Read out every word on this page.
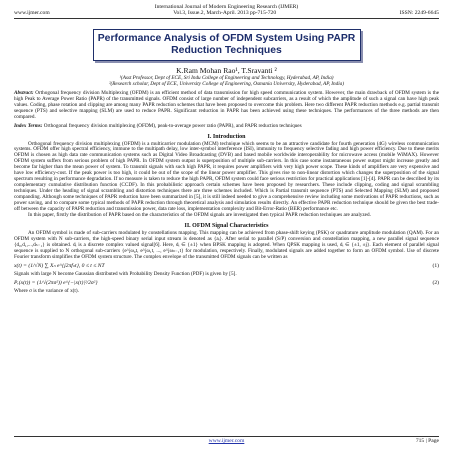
International Journal of Modern Engineering Research (IJMER)
www.ijmer.com	Vol.3, Issue.2, March-April. 2013 pp-715-720	ISSN: 2249-6645
Performance Analysis of OFDM System Using PAPR Reduction Techniques
K.Ram Mohan Rao¹, T.Sravanti ²
¹(Asst Professor, Dept of ECE, Sri Indu College of Engineering and Technology, Hyderabad, AP, India)
²(Research scholar, Dept of ECE, University College of Engineering, Osmania University, Hyderabad, AP, India)

Abstract: Orthogonal frequency division Multiplexing (OFDM) is an efficient method of data transmission for high speed communication system. However, the main drawback of OFDM system is the high Peak to Average Power Ratio (PAPR) of the transmitted signals. OFDM consist of large number of independent subcarriers, as a result of which the amplitude of such a signal can have high peak values. Coding, phase rotation and clipping are among many PAPR reduction schemes that have been proposed to overcome this problem. Here two different PAPR reduction methods e.g. partial transmit sequence (PTS) and selective mapping (SLM) are used to reduce PAPR. Significant reduction in PAPR has been achieved using these techniques. The performances of the three methods are then compared.

Index Terms: Orthogonal frequency division multiplexing (OFDM), peak-to-average power ratio (PAPR), and PAPR reduction techniques

I. Introduction

Orthogonal frequency division multiplexing (OFDM) is a multicarrier modulation (MCM) technique which seems to be an attractive candidate for fourth generation (4G) wireless communication systems. OFDM offer high spectral efficiency, immune to the multipath delay, low inter-symbol interference (ISI), immunity to frequency selective fading and high power efficiency. Due to these merits OFDM is chosen as high data rate communication systems such as Digital Video Broadcasting (DVB) and based mobile worldwide interoperability for microwave access (mobile WiMAX). However OFDM system suffers from serious problem of high PAPR. In OFDM system output is superposition of multiple sub-carriers. In this case some instantaneous power output might increase greatly and become far higher than the mean power of system. To transmit signals with such high PAPR, it requires power amplifiers with very high power scope. These kinds of amplifiers are very expensive and have low efficiency-cost. If the peak power is too high, it could be out of the scope of the linear power amplifier. This gives rise to non-linear distortion which changes the superposition of the signal spectrum resulting in performance degradation. If no measure is taken to reduce the high PAPR, OFDM system could face serious restriction for practical applications [1]-[4]. PAPR can be described by its complementary cumulative distribution function (CCDF). In this probabilistic approach certain schemes have been proposed by researchers. These include clipping, coding and signal scrambling techniques. Under the heading of signal scrambling and distortion techniques there are three schemes included. Which is Partial transmit sequence (PTS) and Selected Mapping (SLM) and proposed companding. Although some techniques of PAPR reduction have been summarized in [5], it is still indeed needed to give a comprehensive review including some motivations of PAPR reductions, such as power saving, and to compare some typical methods of PAPR reduction through theoretical analysis and simulation results directly. An effective PAPR reduction technique should be given the best trade-off between the capacity of PAPR reduction and transmission power, data rate loss, implementation complexity and Bit-Error-Ratio (BER) performance etc.

In this paper, firstly the distribution of PAPR based on the characteristics of the OFDM signals are investigated then typical PAPR reduction techniques are analyzed.

II. OFDM Signal Characteristics

An OFDM symbol is made of sub-carriers modulated by constellations mapping. This mapping can be achieved from phase-shift keying (PSK) or quadrature amplitude modulation (QAM). For an OFDM system with N sub-carriers, the high-speed binary serial input stream is denoted as {aᵢ}. After serial to parallel (S/P) conversion and constellation mapping, a new parallel signal sequence {d₀,d₁,...,dₙ₋₁} is obtained. dᵢ is a discrete complex valued signal[6]. Here, dᵢ ∈ {±1} when BPSK mapping is adopted. When QPSK mapping is used, dᵢ ∈ {±1, ±j}. Each element of parallel signal sequence is supplied to N orthogonal sub-carriers {e^jω₀t, e^jω₁t, ..., e^jωₙ₋₁t} for modulation, respectively. Finally, modulated signals are added together to form an OFDM symbol. Use of discrete Fourier transform simplifies the OFDM system structure. The complex envelope of the transmitted OFDM signals can be written as

x(t) = (1/√N) ∑ Xₙ e^{j2πfₙt}, 0 ≤ t ≤ NT	(1)

Signals with large N become Gaussian distributed with Probability Density Function (PDF) is given by [5].

Pᵣ(x(t)) = (1/√(2πσ²)) e^{−|x(t)|²/2σ²}	(2)

Where σ is the variance of x(t).

www.ijmer.com	715 | Page
